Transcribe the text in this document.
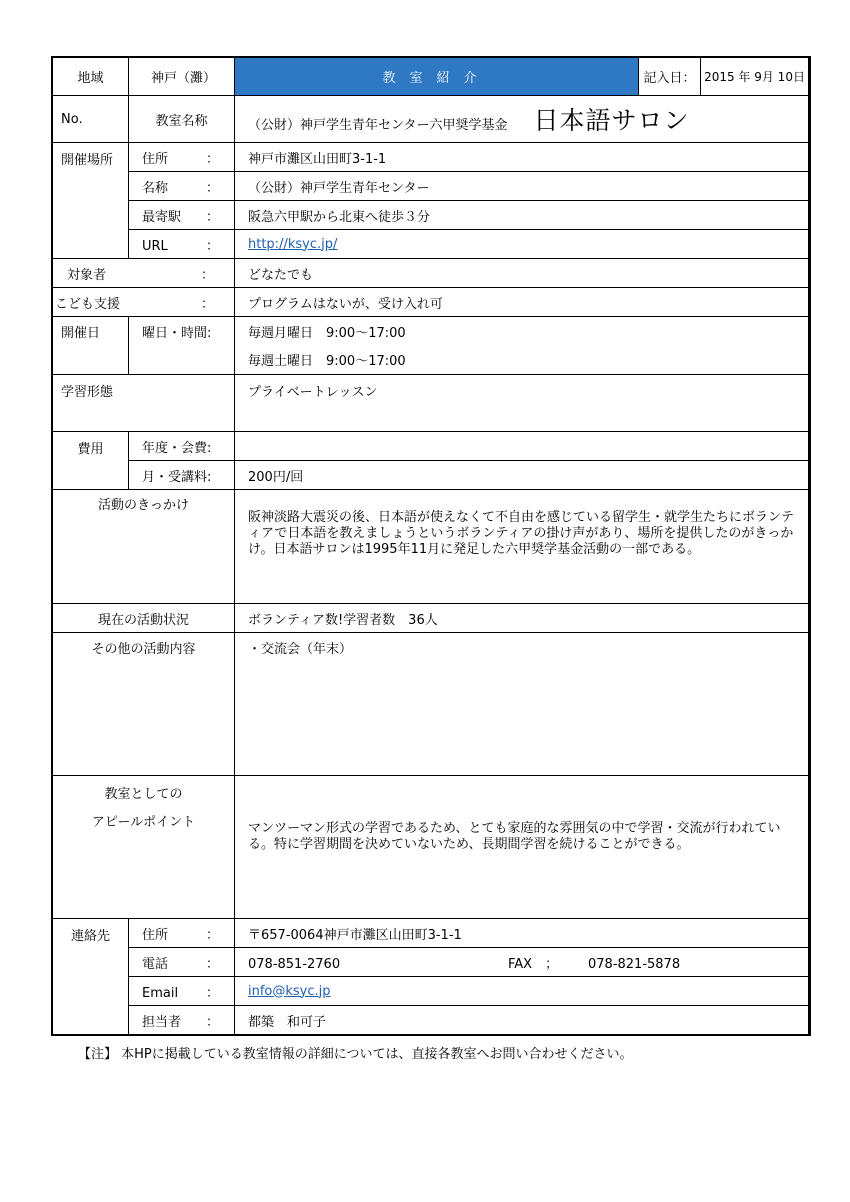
地域	神戸（灘）	教室紹介	記入日：	2015 年 9月 10日
No.	教室名称	（公財）神戸学生青年センター六甲奨学基金 日本語サロン		
開催場所	住所 ：	神戸市灘区山田町3-1-1		
	名称 ：	（公財）神戸学生青年センター		
	最寄駅 ：	阪急六甲駅から北東へ徒歩３分		
	URL ：	http://ksyc.jp/		
対象者	：	どなたでも		
こども支援	：	プログラムはないが、受け入れ可		
開催日	曜日・時間:	毎週月曜日　9:00～17:00		
		毎週土曜日　9:00～17:00		
学習形態		プライベートレッスン		
費用	年度・会費:			
	月・受講料:	200円/回		
活動のきっかけ		阪神淡路大震災の後、日本語が使えなくて不自由を感じている留学生・就学生たちにボランティアで日本語を教えましょうというボランティアの掛け声があり、場所を提供したのがきっかけ。日本語サロンは1995年11月に発足した六甲奨学基金活動の一部である。		
現在の活動状況		ボランティア数!学習者数　36人		
その他の活動内容		・交流会（年末）		

教室としての
アピールポイント		マンツーマン形式の学習であるため、とても家庭的な雰囲気の中で学習・交流が行われている。特に学習期間を決めていないため、長期間学習を続けることができる。		
連絡先	住所 ：	〒657-0064神戸市灘区山田町3-1-1		
	電話 ：	078-851-2760 FAX　； 078-821-5878		
	Email ：	info@ksyc.jp		
	担当者 ：	都築　和可子		
【注】 本HPに掲載している教室情報の詳細については、直接各教室へお問い合わせください。
